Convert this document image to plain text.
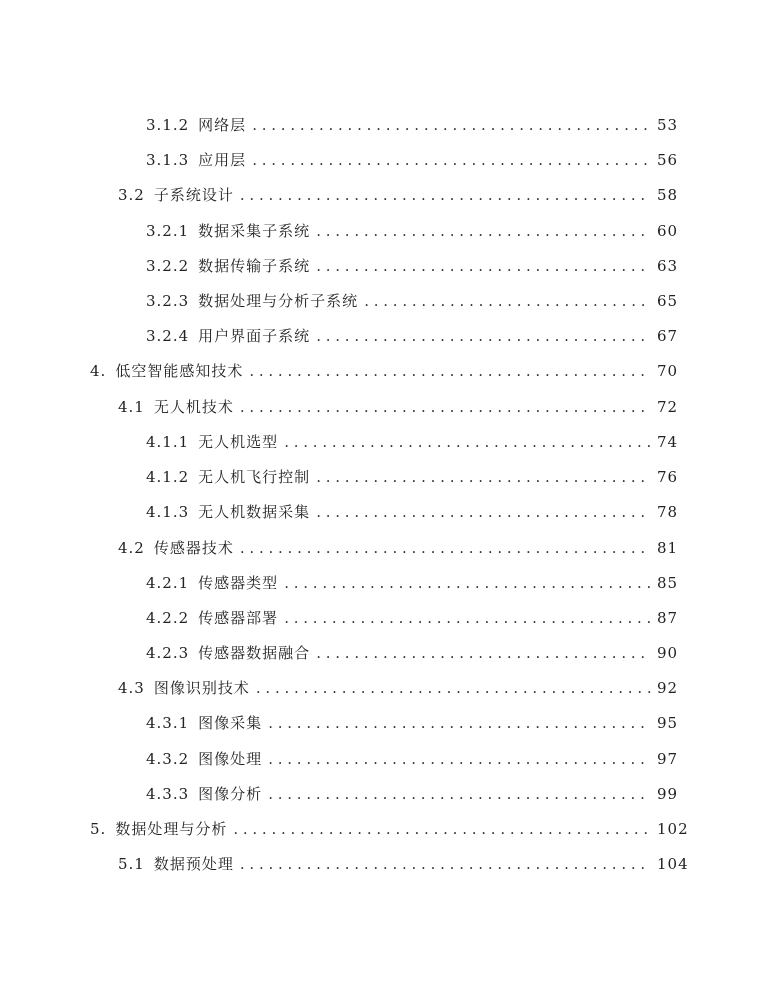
3.1.2 网络层 . . .	53
3.1.3 应用层 . . .	56
3.2 子系统设计 . . .	58
3.2.1 数据采集子系统 . . .	60
3.2.2 数据传输子系统 . . .	63
3.2.3 数据处理与分析子系统 . . .	65
3.2.4 用户界面子系统 . . .	67
4. 低空智能感知技术 . . .	70
4.1 无人机技术 . . .	72
4.1.1 无人机选型 . . .	74
4.1.2 无人机飞行控制 . . .	76
4.1.3 无人机数据采集 . . .	78
4.2 传感器技术 . . .	81
4.2.1 传感器类型 . . .	85
4.2.2 传感器部署 . . .	87
4.2.3 传感器数据融合 . . .	90
4.3 图像识别技术 . . .	92
4.3.1 图像采集 . . .	95
4.3.2 图像处理 . . .	97
4.3.3 图像分析 . . .	99
5. 数据处理与分析 . . .	102
5.1 数据预处理 . . .	104
